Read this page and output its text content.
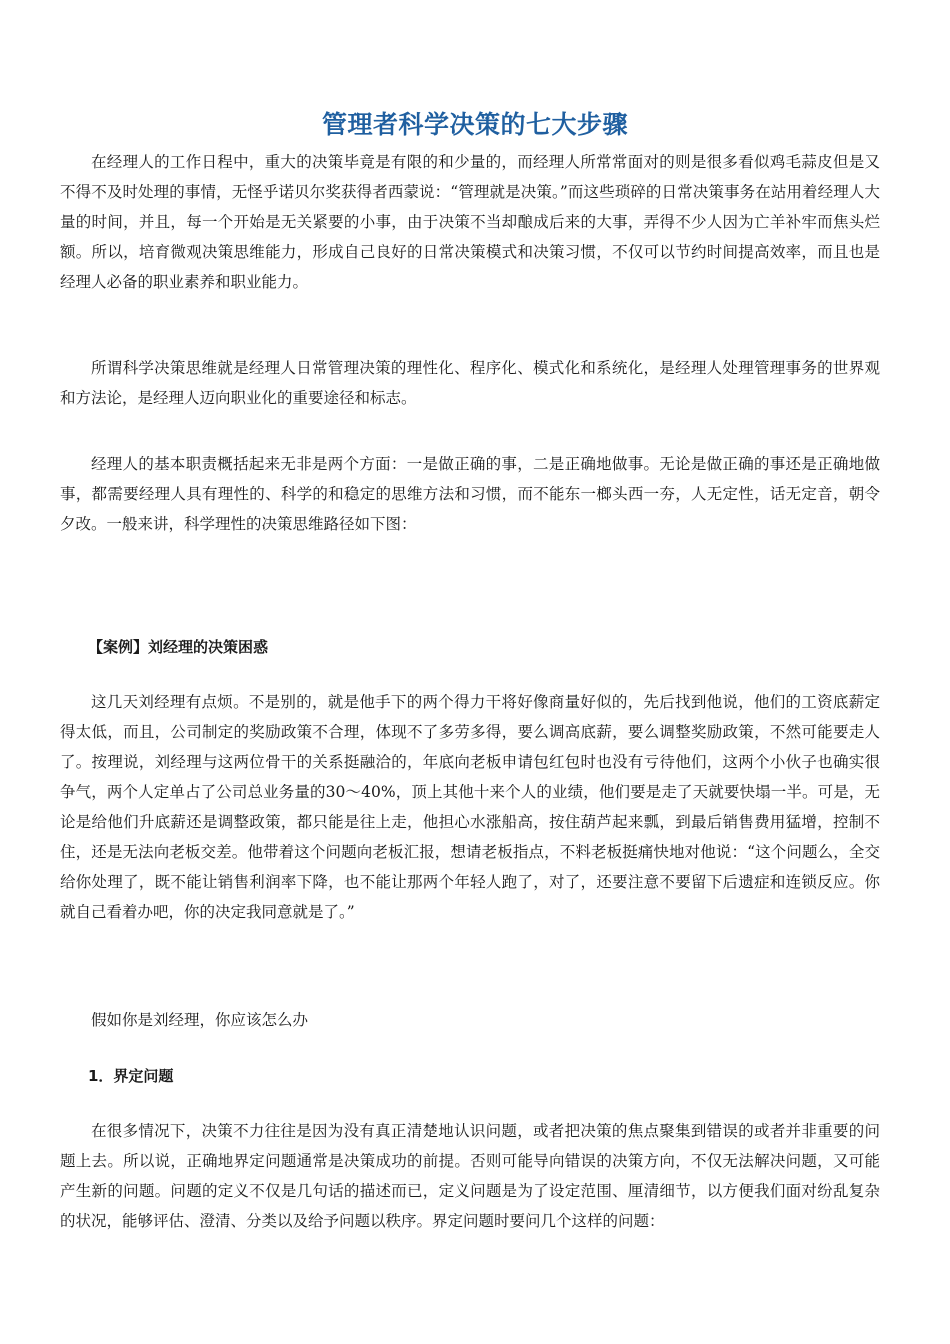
管理者科学决策的七大步骤

在经理人的工作日程中，重大的决策毕竟是有限的和少量的，而经理人所常常面对的则是很多看似鸡毛蒜皮但是又不得不及时处理的事情，无怪乎诺贝尔奖获得者西蒙说：“管理就是决策。”而这些琐碎的日常决策事务在站用着经理人大量的时间，并且，每一个开始是无关紧要的小事，由于决策不当却酿成后来的大事，弄得不少人因为亡羊补牢而焦头烂额。所以，培育微观决策思维能力，形成自己良好的日常决策模式和决策习惯，不仅可以节约时间提高效率，而且也是经理人必备的职业素养和职业能力。

所谓科学决策思维就是经理人日常管理决策的理性化、程序化、模式化和系统化，是经理人处理管理事务的世界观和方法论，是经理人迈向职业化的重要途径和标志。

经理人的基本职责概括起来无非是两个方面：一是做正确的事，二是正确地做事。无论是做正确的事还是正确地做事，都需要经理人具有理性的、科学的和稳定的思维方法和习惯，而不能东一榔头西一夯，人无定性，话无定音，朝令夕改。一般来讲，科学理性的决策思维路径如下图：

【案例】刘经理的决策困惑

这几天刘经理有点烦。不是别的，就是他手下的两个得力干将好像商量好似的，先后找到他说，他们的工资底薪定得太低，而且，公司制定的奖励政策不合理，体现不了多劳多得，要么调高底薪，要么调整奖励政策，不然可能要走人了。按理说，刘经理与这两位骨干的关系挺融洽的，年底向老板申请包红包时也没有亏待他们，这两个小伙子也确实很争气，两个人定单占了公司总业务量的30～40%，顶上其他十来个人的业绩，他们要是走了天就要快塌一半。可是，无论是给他们升底薪还是调整政策，都只能是往上走，他担心水涨船高，按住葫芦起来瓢，到最后销售费用猛增，控制不住，还是无法向老板交差。他带着这个问题向老板汇报，想请老板指点，不料老板挺痛快地对他说：“这个问题么，全交给你处理了，既不能让销售利润率下降，也不能让那两个年轻人跑了，对了，还要注意不要留下后遗症和连锁反应。你就自己看着办吧，你的决定我同意就是了。”

假如你是刘经理，你应该怎么办

1．界定问题

在很多情况下，决策不力往往是因为没有真正清楚地认识问题，或者把决策的焦点聚集到错误的或者并非重要的问题上去。所以说，正确地界定问题通常是决策成功的前提。否则可能导向错误的决策方向，不仅无法解决问题，又可能产生新的问题。问题的定义不仅是几句话的描述而已，定义问题是为了设定范围、厘清细节，以方便我们面对纷乱复杂的状况，能够评估、澄清、分类以及给予问题以秩序。界定问题时要问几个这样的问题：
